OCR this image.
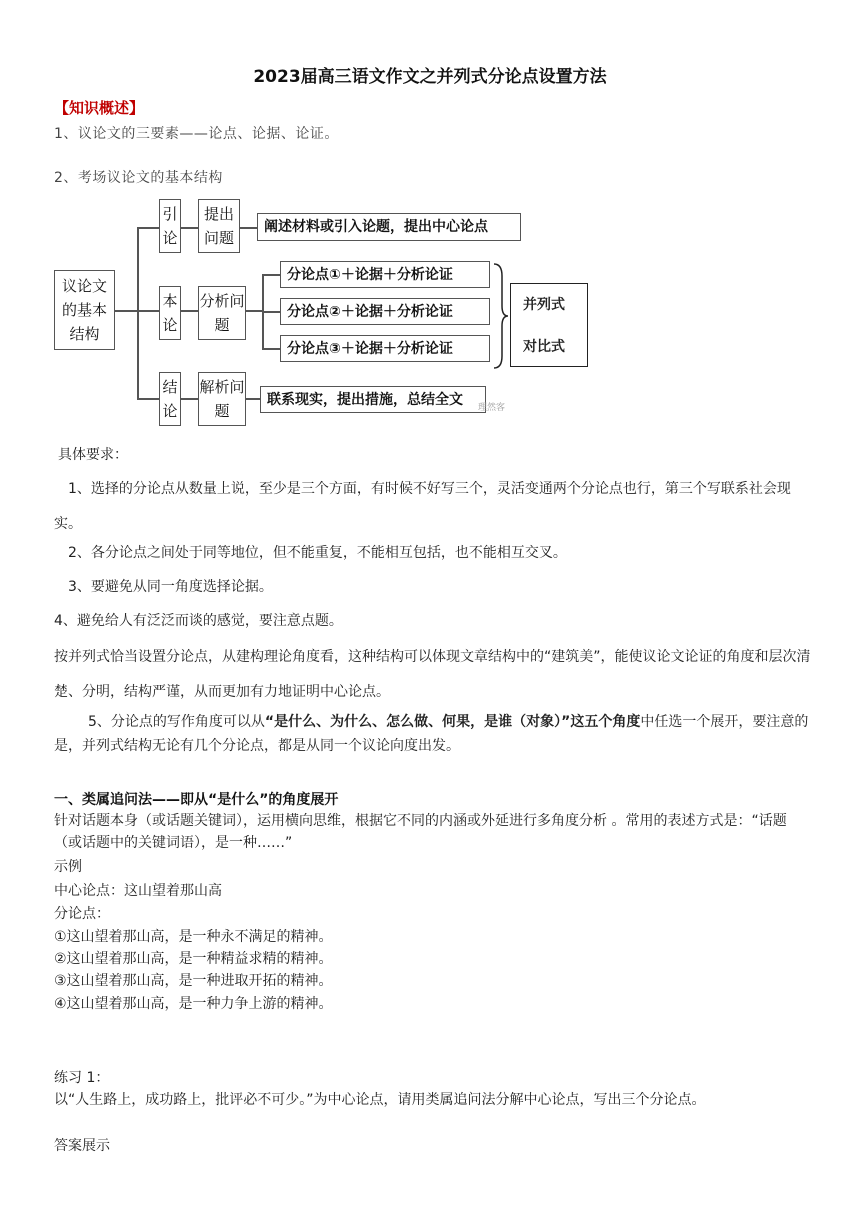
2023届高三语文作文之并列式分论点设置方法
【知识概述】
1、议论文的三要素——论点、论据、论证。
2、考场议论文的基本结构
议论文的基本结构
引论
提出问题
阐述材料或引入论题，提出中心论点
本论
分析问题
分论点①＋论据＋分析论证
分论点②＋论据＋分析论证
分论点③＋论据＋分析论证
并列式
对比式
结论
解析问题
联系现实，提出措施，总结全文
理然客
具体要求：
1、选择的分论点从数量上说，至少是三个方面，有时候不好写三个，灵活变通两个分论点也行，第三个写联系社会现实。
2、各分论点之间处于同等地位，但不能重复，不能相互包括，也不能相互交叉。
3、要避免从同一角度选择论据。
4、避免给人有泛泛而谈的感觉，要注意点题。
按并列式恰当设置分论点，从建构理论角度看，这种结构可以体现文章结构中的“建筑美”，能使议论文论证的角度和层次清楚、分明，结构严谨，从而更加有力地证明中心论点。
5、分论点的写作角度可以从“是什么、为什么、怎么做、何果，是谁（对象）”这五个角度中任选一个展开，要注意的是，并列式结构无论有几个分论点，都是从同一个议论向度出发。
一、类属追问法——即从“是什么”的角度展开
针对话题本身（或话题关键词），运用横向思维，根据它不同的内涵或外延进行多角度分析 。常用的表述方式是：“话题（或话题中的关键词语），是一种……”
示例
中心论点：这山望着那山高
分论点：
①这山望着那山高，是一种永不满足的精神。
②这山望着那山高，是一种精益求精的精神。
③这山望着那山高，是一种进取开拓的精神。
④这山望着那山高，是一种力争上游的精神。
练习 1：
以“人生路上，成功路上，批评必不可少。”为中心论点，请用类属追问法分解中心论点，写出三个分论点。
答案展示
